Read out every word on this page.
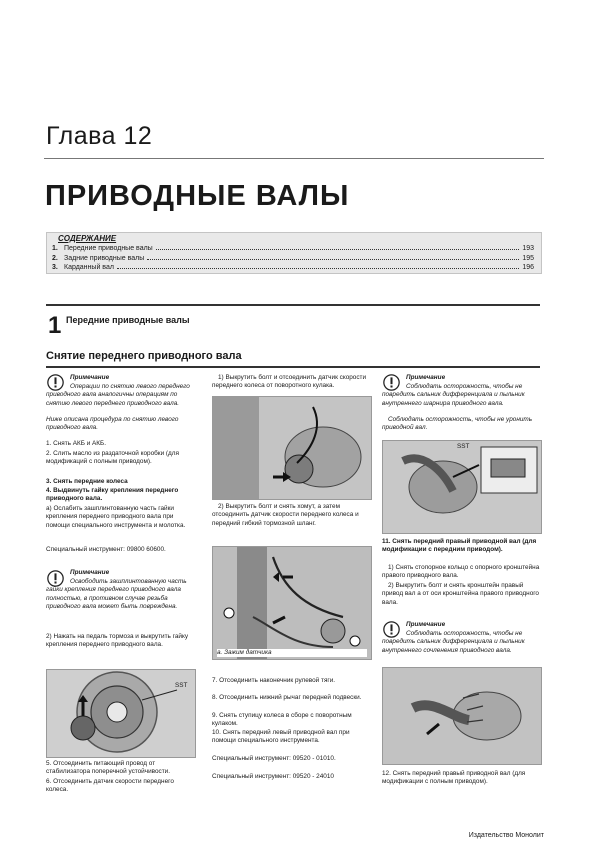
Глава 12
ПРИВОДНЫЕ ВАЛЫ
СОДЕРЖАНИЕ
1. Передние приводные валы	193
2. Задние приводные валы	195
3. Карданный вал	196
1 Передние приводные валы
Снятие переднего приводного вала
Примечание
Операции по снятию левого переднего приводного вала аналогичны операциям по снятию левого переднего приводного вала.
Ниже описана процедура по снятию левого приводного вала.
1. Снять АКБ и АКБ.
2. Слить масло из раздаточной коробки (для модификаций с полным приводом).
3. Снять передние колеса
4. Выдвинуть гайку крепления переднего приводного вала.
а) Ослабить зашплинтованную часть гайки крепления переднего приводного вала при помощи специального инструмента и молотка.
Специальный инструмент: 09800 60600.
Примечание
Освободить зашплинтованную часть гайки крепления переднего приводного вала полностью, в противном случае резьба приводного вала может быть повреждена.
2) Нажать на педаль тормоза и выкрутить гайку крепления переднего приводного вала.
SST
5. Отсоединить питающий провод от стабилизатора поперечной устойчивости.
6. Отсоединить датчик скорости переднего колеса.
1) Выкрутить болт и отсоединить датчик скорости переднего колеса от поворотного кулака.
2) Выкрутить болт и снять хомут, а затем отсоединить датчик скорости переднего колеса и передний гибкий тормозной шланг.
а. Зажим датчика
7. Отсоединить наконечник рулевой тяги.
8. Отсоединить нижний рычаг передней подвески.
9. Снять ступицу колеса в сборе с поворотным кулаком.
10. Снять передний левый приводной вал при помощи специального инструмента.
Специальный инструмент: 09520 - 01010.
Специальный инструмент: 09520 - 24010
Примечание
Соблюдать осторожность, чтобы не повредить сальник дифференциала и пыльник внутреннего шарнира приводного вала.
Соблюдать осторожность, чтобы не уронить приводной вал.
SST
11. Снять передний правый приводной вал (для модификации с передним приводом).
1) Снять стопорное кольцо с опорного кронштейна правого приводного вала.
2) Выкрутить болт и снять кронштейн правый привод вал а от оси кронштейна правого приводного вала.
Примечание
Соблюдать осторожность, чтобы не повредить сальник дифференциала и пыльник внутреннего сочленения приводного вала.
12. Снять передний правый приводной вал (для модификации с полным приводом).
Издательство Монолит
